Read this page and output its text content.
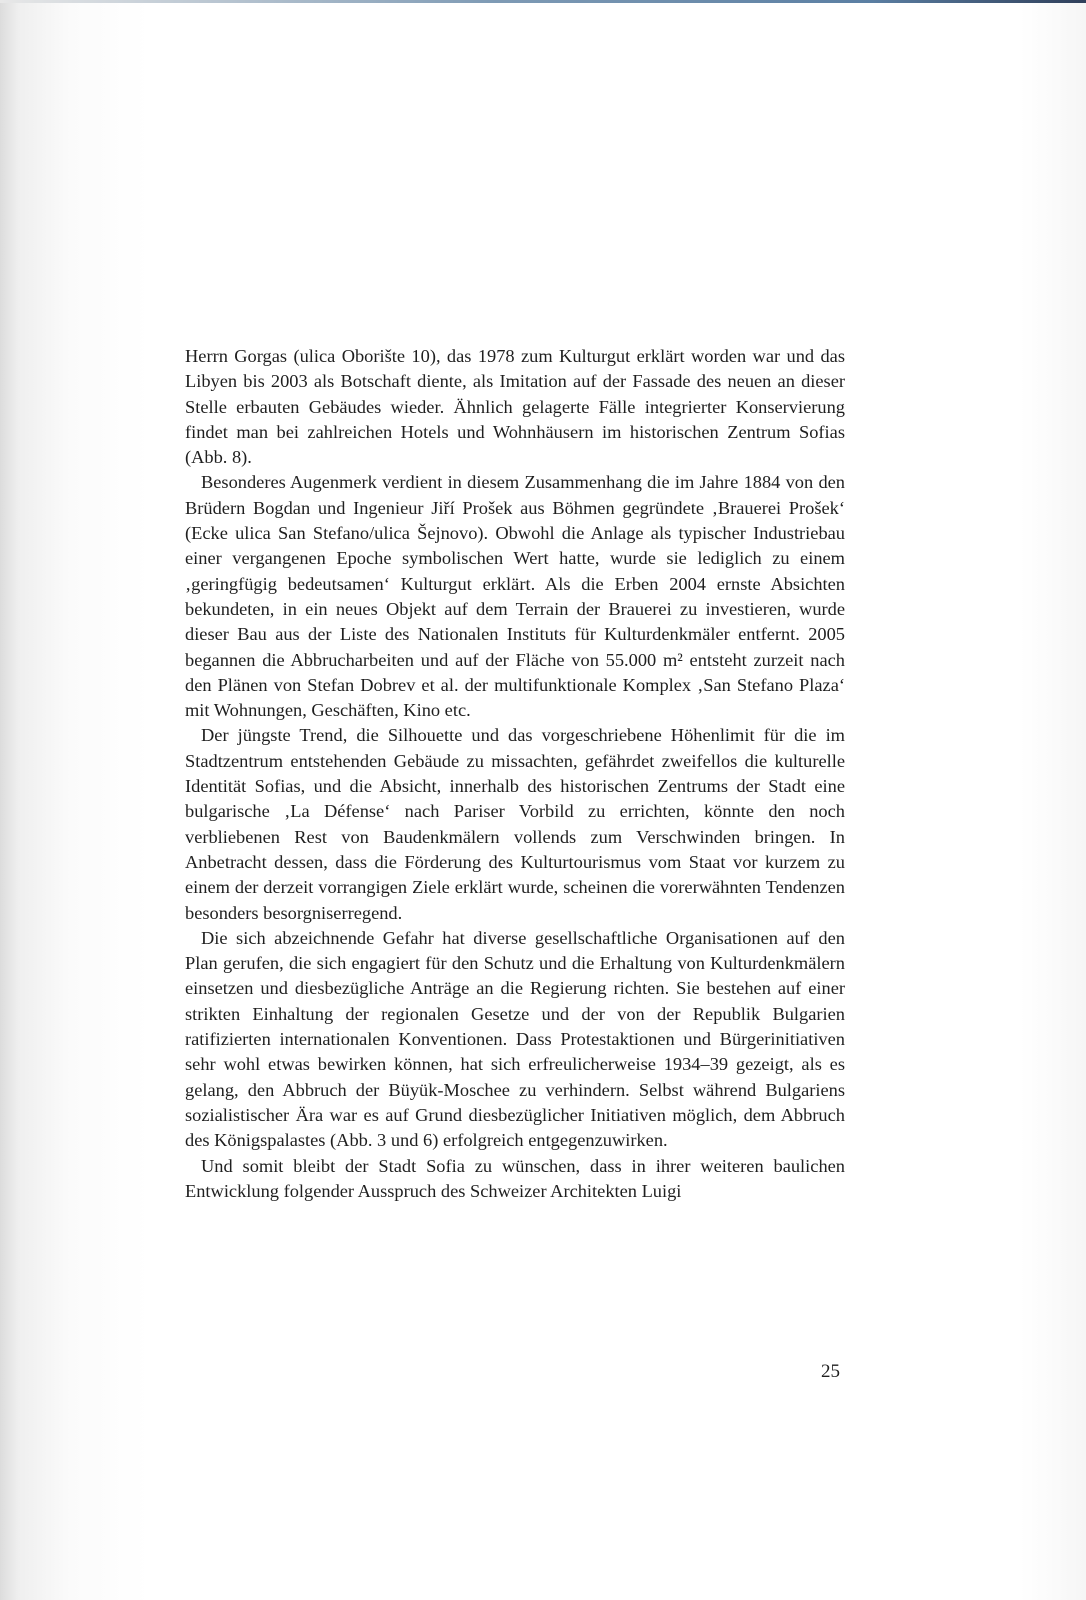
Herrn Gorgas (ulica Oborište 10), das 1978 zum Kulturgut erklärt worden war und das Libyen bis 2003 als Botschaft diente, als Imitation auf der Fassade des neuen an dieser Stelle erbauten Gebäudes wieder. Ähnlich gelagerte Fälle integrierter Konservierung findet man bei zahlreichen Hotels und Wohnhäusern im historischen Zentrum Sofias (Abb. 8).

Besonderes Augenmerk verdient in diesem Zusammenhang die im Jahre 1884 von den Brüdern Bogdan und Ingenieur Jiří Prošek aus Böhmen gegründete ‚Brauerei Prošek‘ (Ecke ulica San Stefano/ulica Šejnovo). Obwohl die Anlage als typischer Industriebau einer vergangenen Epoche symbolischen Wert hatte, wurde sie lediglich zu einem ‚geringfügig bedeutsamen‘ Kulturgut erklärt. Als die Erben 2004 ernste Absichten bekundeten, in ein neues Objekt auf dem Terrain der Brauerei zu investieren, wurde dieser Bau aus der Liste des Nationalen Instituts für Kulturdenkmäler entfernt. 2005 begannen die Abbrucharbeiten und auf der Fläche von 55.000 m² entsteht zurzeit nach den Plänen von Stefan Dobrev et al. der multifunktionale Komplex ‚San Stefano Plaza‘ mit Wohnungen, Geschäften, Kino etc.

Der jüngste Trend, die Silhouette und das vorgeschriebene Höhenlimit für die im Stadtzentrum entstehenden Gebäude zu missachten, gefährdet zweifellos die kulturelle Identität Sofias, und die Absicht, innerhalb des historischen Zentrums der Stadt eine bulgarische ‚La Défense‘ nach Pariser Vorbild zu errichten, könnte den noch verbliebenen Rest von Baudenkmälern vollends zum Verschwinden bringen. In Anbetracht dessen, dass die Förderung des Kulturtourismus vom Staat vor kurzem zu einem der derzeit vorrangigen Ziele erklärt wurde, scheinen die vorerwähnten Tendenzen besonders besorgniserregend.

Die sich abzeichnende Gefahr hat diverse gesellschaftliche Organisationen auf den Plan gerufen, die sich engagiert für den Schutz und die Erhaltung von Kulturdenkmälern einsetzen und diesbezügliche Anträge an die Regierung richten. Sie bestehen auf einer strikten Einhaltung der regionalen Gesetze und der von der Republik Bulgarien ratifizierten internationalen Konventionen. Dass Protestaktionen und Bürgerinitiativen sehr wohl etwas bewirken können, hat sich erfreulicherweise 1934–39 gezeigt, als es gelang, den Abbruch der Büyük-Moschee zu verhindern. Selbst während Bulgariens sozialistischer Ära war es auf Grund diesbezüglicher Initiativen möglich, dem Abbruch des Königspalastes (Abb. 3 und 6) erfolgreich entgegenzuwirken.

Und somit bleibt der Stadt Sofia zu wünschen, dass in ihrer weiteren baulichen Entwicklung folgender Ausspruch des Schweizer Architekten Luigi

25
